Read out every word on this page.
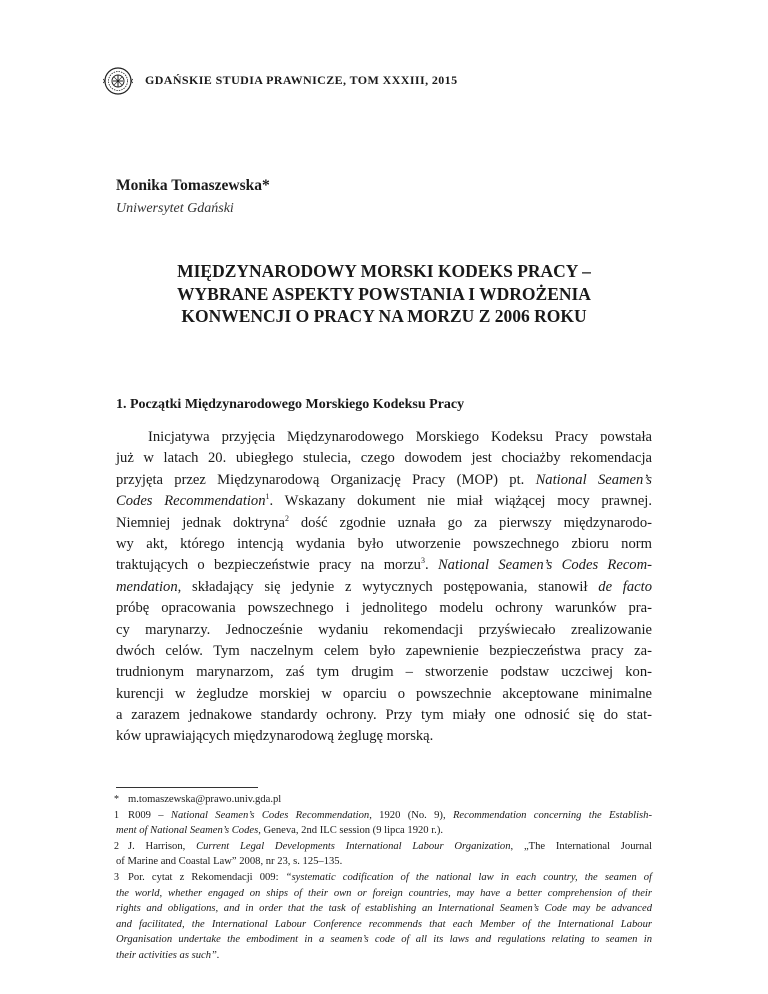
GDAŃSKIE STUDIA PRAWNICZE, TOM XXXIII, 2015
Monika Tomaszewska*
Uniwersytet Gdański
MIĘDZYNARODOWY MORSKI KODEKS PRACY –
WYBRANE ASPEKTY POWSTANIA I WDROŻENIA
KONWENCJI O PRACY NA MORZU Z 2006 ROKU
1. Początki Międzynarodowego Morskiego Kodeksu Pracy
Inicjatywa przyjęcia Międzynarodowego Morskiego Kodeksu Pracy powstała
już w latach 20. ubiegłego stulecia, czego dowodem jest chociażby rekomendacja
przyjęta przez Międzynarodową Organizację Pracy (MOP) pt. National Seamen’s
Codes Recommendation$^1$. Wskazany dokument nie miał wiążącej mocy prawnej.
Niemniej jednak doktryna$^2$ dość zgodnie uznała go za pierwszy międzynarodo-
wy akt, którego intencją wydania było utworzenie powszechnego zbioru norm
traktujących o bezpieczeństwie pracy na morzu$^3$. National Seamen’s Codes Recom-
mendation, składający się jedynie z wytycznych postępowania, stanowił de facto
próbę opracowania powszechnego i jednolitego modelu ochrony warunków pra-
cy marynarzy. Jednocześnie wydaniu rekomendacji przyświecało zrealizowanie
dwóch celów. Tym naczelnym celem było zapewnienie bezpieczeństwa pracy za-
trudnionym marynarzom, zaś tym drugim – stworzenie podstaw uczciwej kon-
kurencji w żegludze morskiej w oparciu o powszechnie akceptowane minimalne
a zarazem jednakowe standardy ochrony. Przy tym miały one odnosić się do stat-
ków uprawiających międzynarodową żeglugę morską.
* m.tomaszewska@prawo.univ.gda.pl
1 R009 – National Seamen’s Codes Recommendation, 1920 (No. 9), Recommendation concerning the Establish-
ment of National Seamen’s Codes, Geneva, 2nd ILC session (9 lipca 1920 r.).
2 J. Harrison, Current Legal Developments International Labour Organization, „The International Journal
of Marine and Coastal Law” 2008, nr 23, s. 125–135.
3 Por. cytat z Rekomendacji 009: “systematic codification of the national law in each country, the seamen of
the world, whether engaged on ships of their own or foreign countries, may have a better comprehension of their
rights and obligations, and in order that the task of establishing an International Seamen’s Code may be advanced
and facilitated, the International Labour Conference recommends that each Member of the International Labour
Organisation undertake the embodiment in a seamen’s code of all its laws and regulations relating to seamen in
their activities as such”.
